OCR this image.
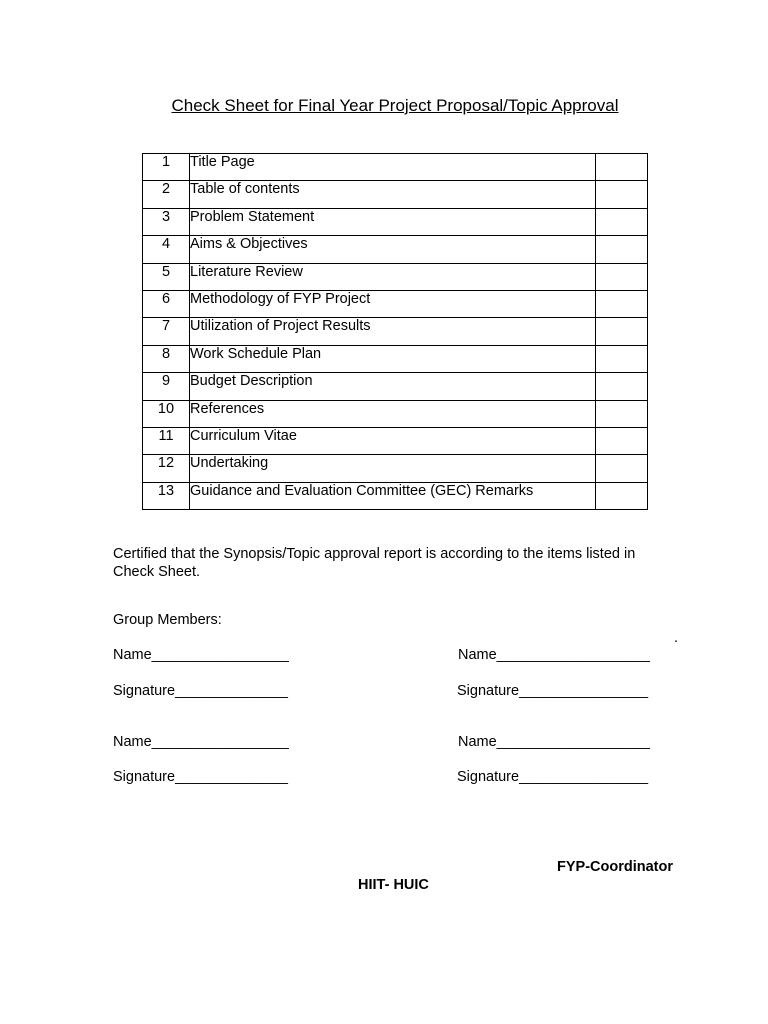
Check Sheet for Final Year Project Proposal/Topic Approval
1	Title Page	
2	Table of contents	
3	Problem Statement	
4	Aims & Objectives	
5	Literature Review	
6	Methodology of FYP Project	
7	Utilization of Project Results	
8	Work Schedule Plan	
9	Budget Description	
10	References	
11	Curriculum Vitae	
12	Undertaking	
13	Guidance and Evaluation Committee (GEC) Remarks	
Certified that the Synopsis/Topic approval report is according to the items listed in
Check Sheet.
Group Members:
.
Name_________________	Name___________________
Signature______________	Signature________________
Name_________________	Name___________________
Signature______________	Signature________________
FYP-Coordinator
HIIT- HUIC
